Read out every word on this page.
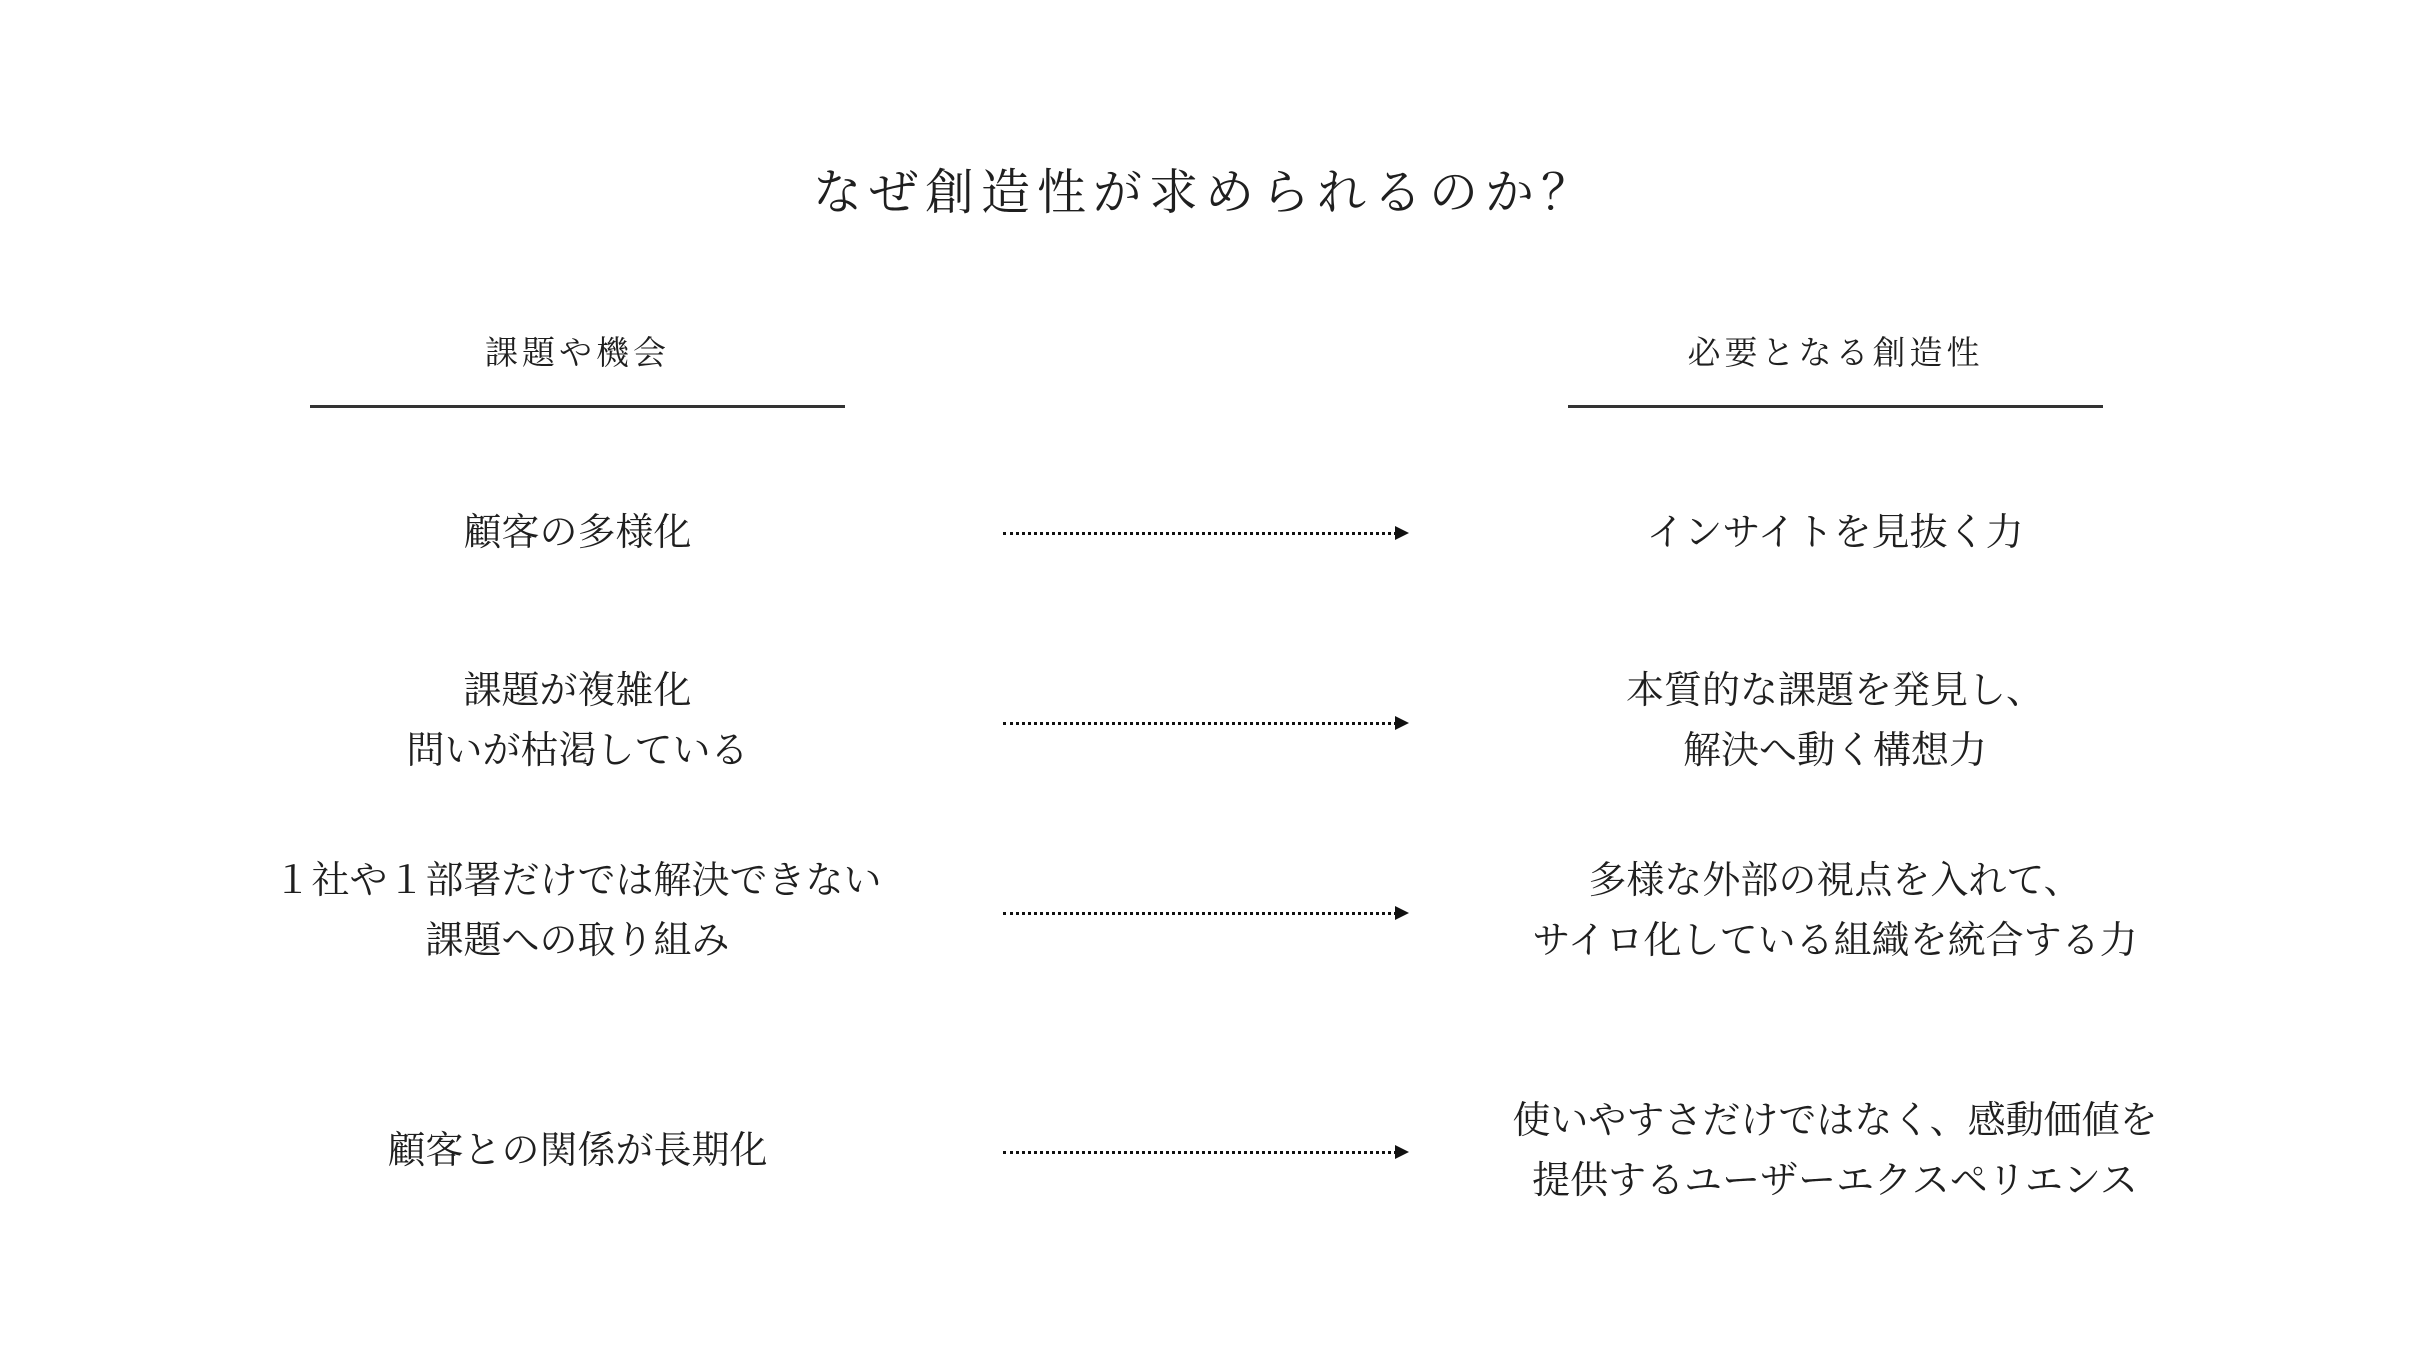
なぜ創造性が求められるのか？
課題や機会	必要となる創造性
顧客の多様化	インサイトを見抜く力
課題が複雑化
問いが枯渇している
本質的な課題を発見し、
解決へ動く構想力
１社や１部署だけでは解決できない
課題への取り組み
多様な外部の視点を入れて、
サイロ化している組織を統合する力
顧客との関係が長期化
使いやすさだけではなく、感動価値を
提供するユーザーエクスペリエンス
